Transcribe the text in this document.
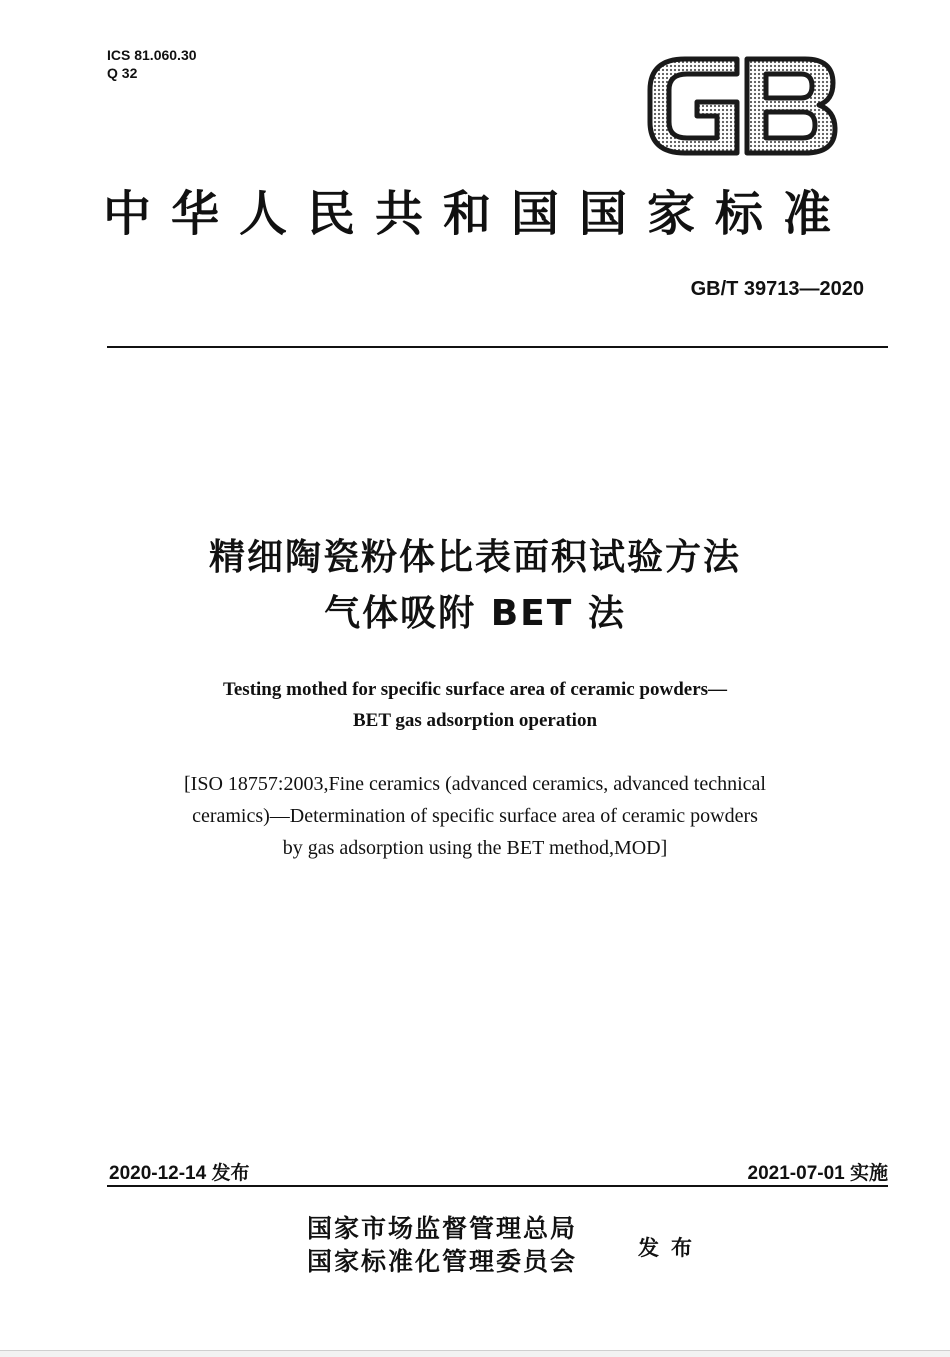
ICS 81.060.30
Q 32
中华人民共和国国家标准
GB/T 39713—2020
精细陶瓷粉体比表面积试验方法
气体吸附 BET 法
Testing mothed for specific surface area of ceramic powders—
BET gas adsorption operation
[ISO 18757:2003,Fine ceramics (advanced ceramics, advanced technical
ceramics)—Determination of specific surface area of ceramic powders
by gas adsorption using the BET method,MOD]
2020-12-14 发布	2021-07-01 实施
国家市场监督管理总局
国家标准化管理委员会	发布
